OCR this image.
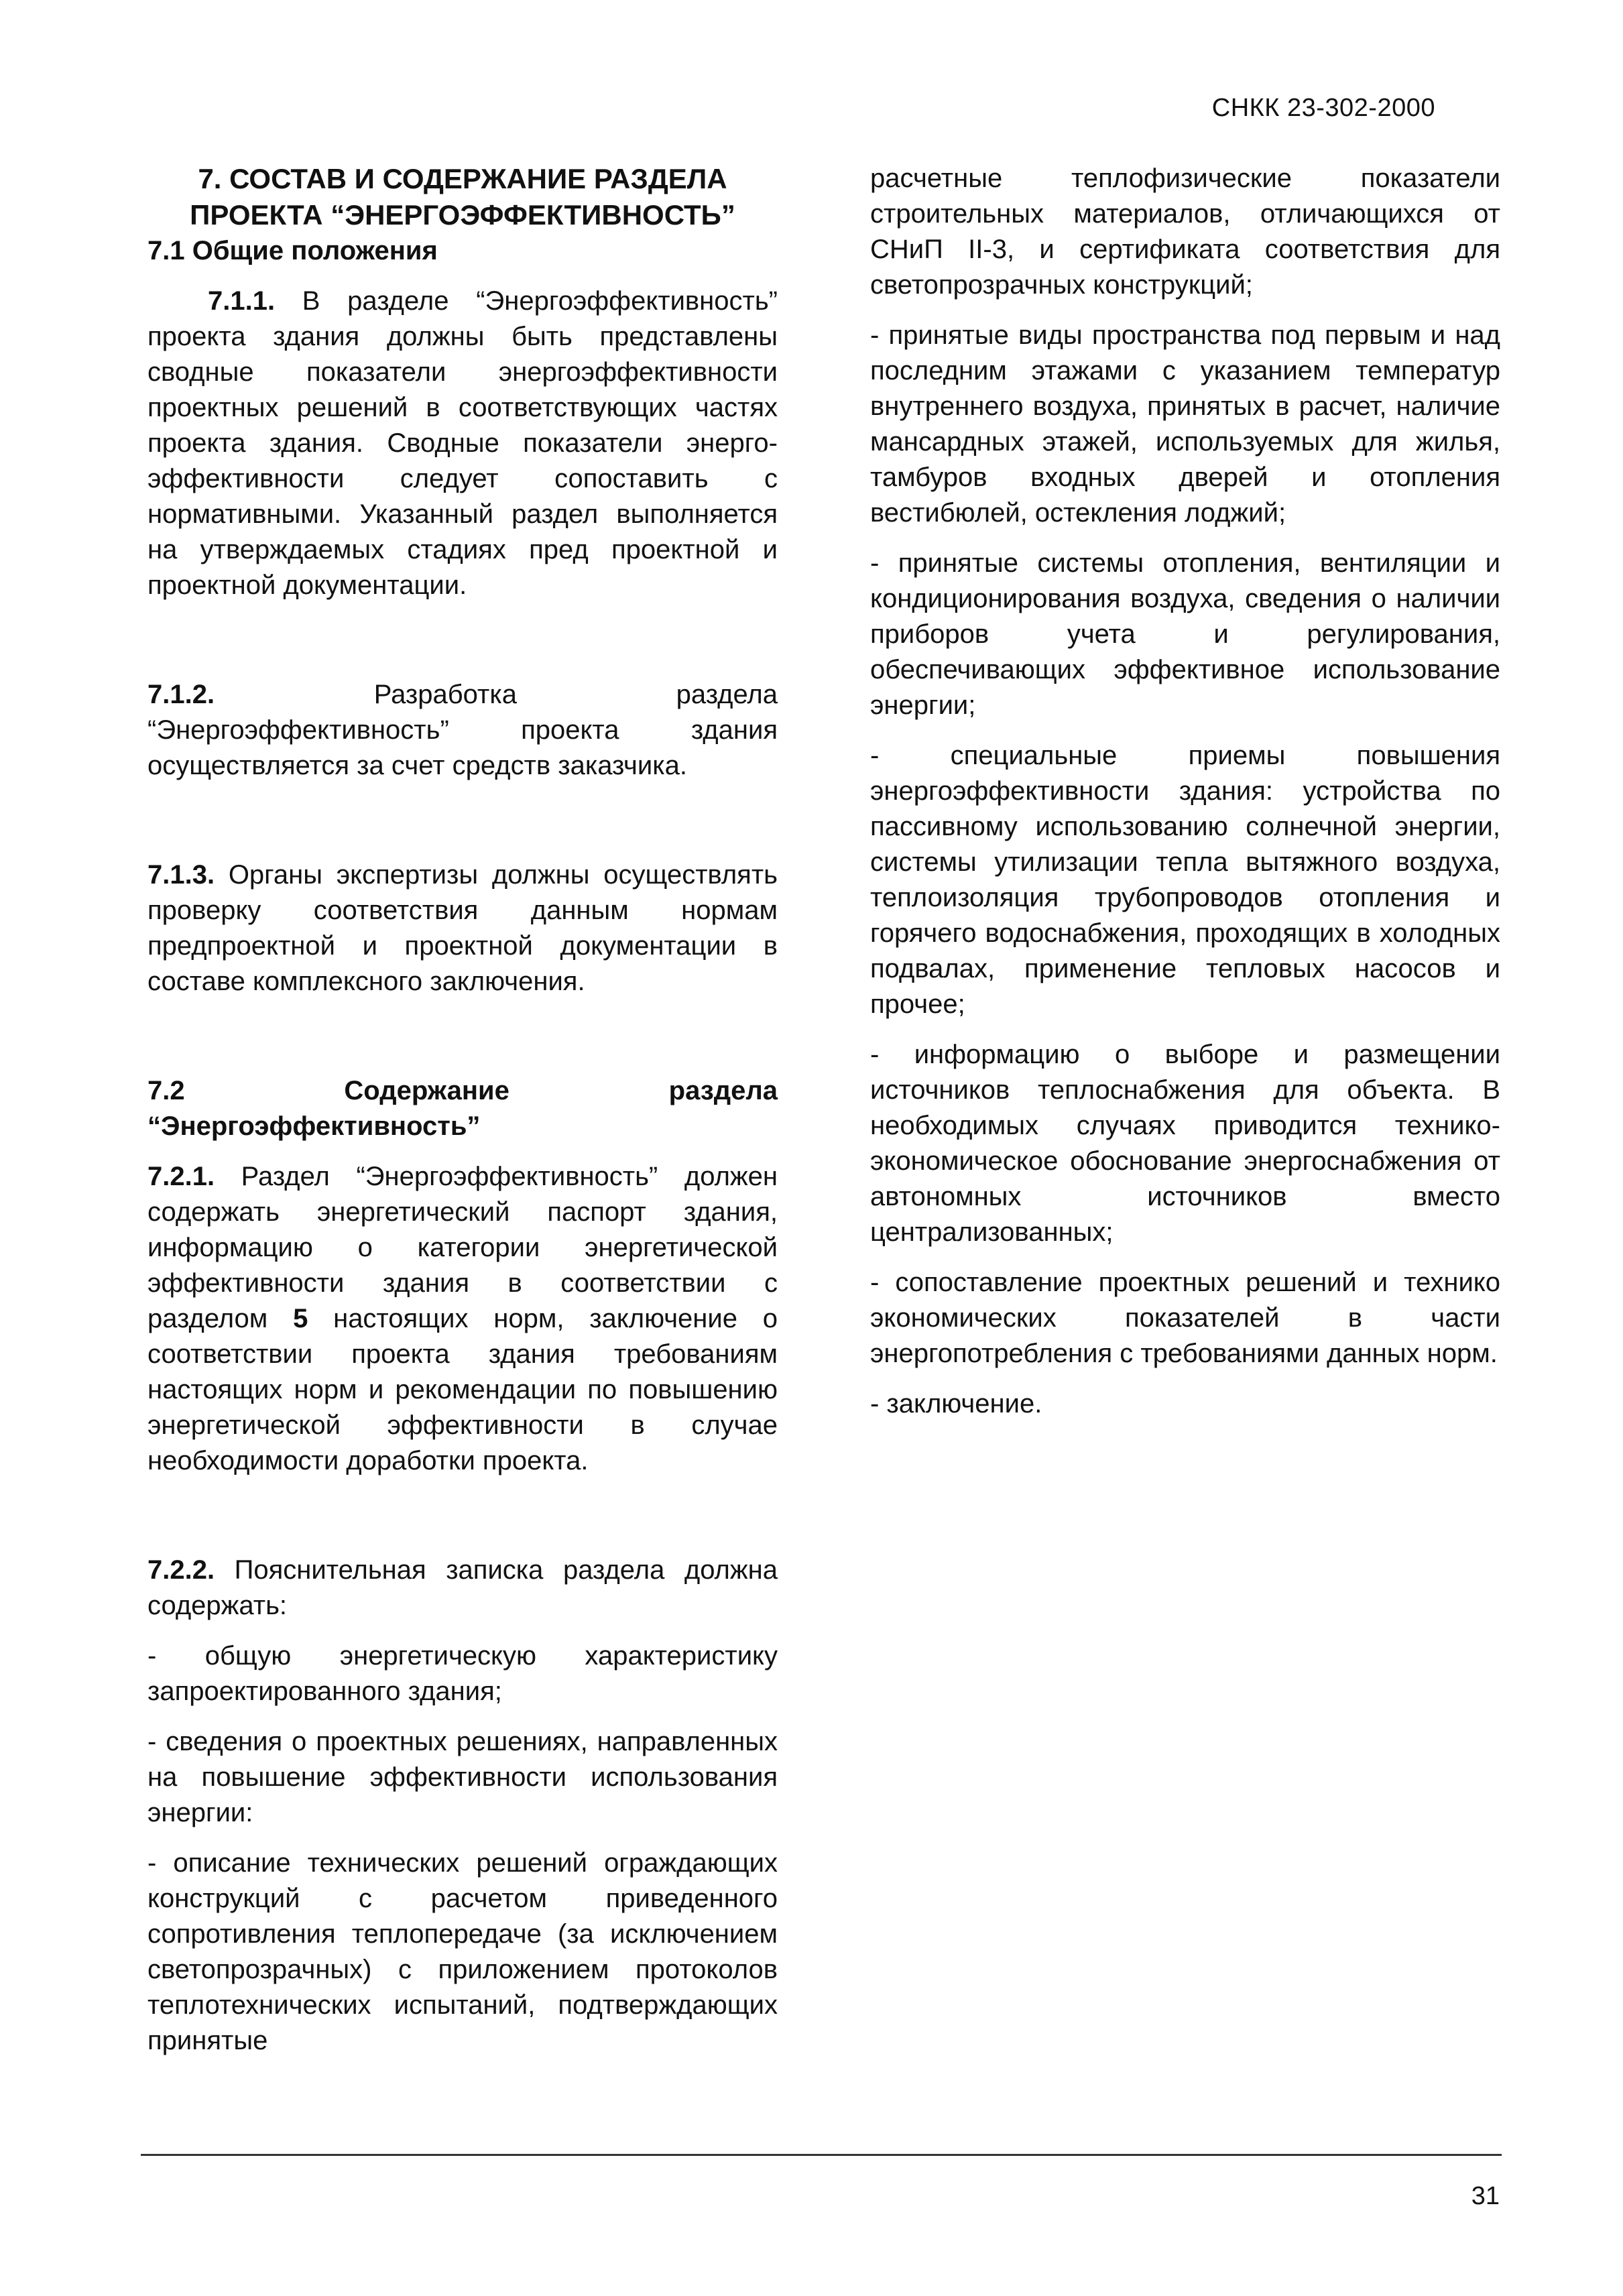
СНКК 23-302-2000

7. СОСТАВ И СОДЕРЖАНИЕ РАЗДЕЛА ПРОЕКТА “ЭНЕРГОЭФФЕКТИВНОСТЬ”

7.1 Общие положения

7.1.1. В разделе “Энергоэффективность” проекта здания должны быть представлены сводные показатели энергоэффективности проектных решений в соответствующих частях проекта здания. Сводные показатели энерго-эффективности следует сопоставить с нормативными. Указанный раздел выполняется на утверждаемых стадиях пред проектной и проектной документации.

7.1.2. Разработка раздела “Энергоэффективность” проекта здания осуществляется за счет средств заказчика.

7.1.3. Органы экспертизы должны осуществлять проверку соответствия данным нормам предпроектной и проектной документации в составе комплексного заключения.

7.2 Содержание раздела “Энергоэффективность”

7.2.1. Раздел “Энергоэффективность” должен содержать энергетический паспорт здания, информацию о категории энергетической эффективности здания в соответствии с разделом 5 настоящих норм, заключение о соответствии проекта здания требованиям настоящих норм и рекомендации по повышению энергетической эффективности в случае необходимости доработки проекта.

7.2.2. Пояснительная записка раздела должна содержать:

- общую энергетическую характеристику запроектированного здания;

- сведения о проектных решениях, направленных на повышение эффективности использования энергии:

- описание технических решений ограждающих конструкций с расчетом приведенного сопротивления теплопередаче (за исключением светопрозрачных) с приложением протоколов теплотехнических испытаний, подтверждающих принятые

расчетные теплофизические показатели строительных материалов, отличающихся от СНиП II-3, и сертификата соответствия для светопрозрачных конструкций;

- принятые виды пространства под первым и над последним этажами с указанием температур внутреннего воздуха, принятых в расчет, наличие мансардных этажей, используемых для жилья, тамбуров входных дверей и отопления вестибюлей, остекления лоджий;

- принятые системы отопления, вентиляции и кондиционирования воздуха, сведения о наличии приборов учета и регулирования, обеспечивающих эффективное использование энергии;

- специальные приемы повышения энергоэффективности здания: устройства по пассивному использованию солнечной энергии, системы утилизации тепла вытяжного воздуха, теплоизоляция трубопроводов отопления и горячего водоснабжения, проходящих в холодных подвалах, применение тепловых насосов и прочее;

- информацию о выборе и размещении источников теплоснабжения для объекта. В необходимых случаях приводится технико-экономическое обоснование энергоснабжения от автономных источников вместо централизованных;

- сопоставление проектных решений и технико экономических показателей в части энергопотребления с требованиями данных норм.

- заключение.

31
